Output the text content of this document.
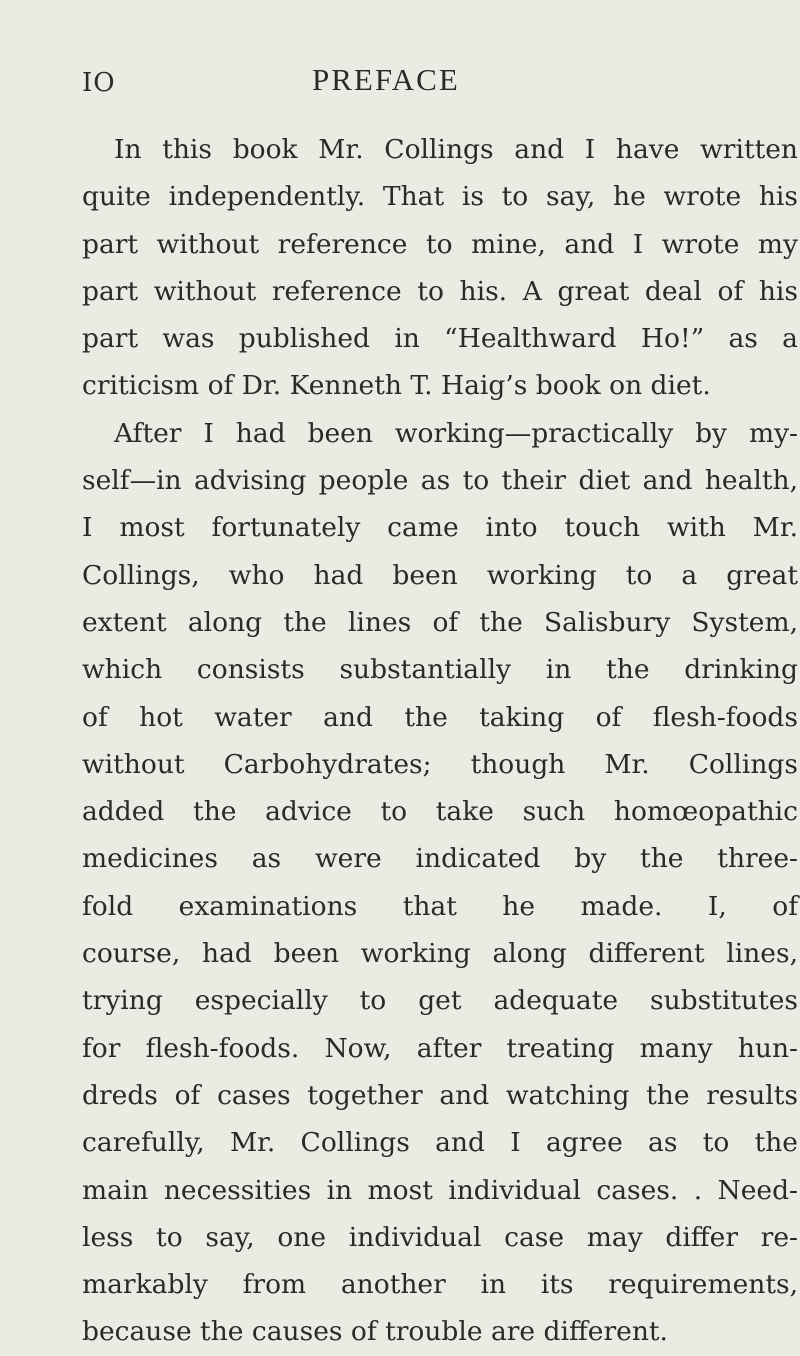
IO	PREFACE
In this book Mr. Collings and I have written
quite independently. That is to say, he wrote his
part without reference to mine, and I wrote my
part without reference to his. A great deal of his
part was published in “Healthward Ho!” as a
criticism of Dr. Kenneth T. Haig’s book on diet.
After I had been working—practically by my-
self—in advising people as to their diet and health,
I most fortunately came into touch with Mr.
Collings, who had been working to a great
extent along the lines of the Salisbury System,
which consists substantially in the drinking
of hot water and the taking of flesh-foods
without Carbohydrates; though Mr. Collings
added the advice to take such homœopathic
medicines as were indicated by the three-
fold examinations that he made. I, of
course, had been working along different lines,
trying especially to get adequate substitutes
for flesh-foods. Now, after treating many hun-
dreds of cases together and watching the results
carefully, Mr. Collings and I agree as to the
main necessities in most individual cases. . Need-
less to say, one individual case may differ re-
markably from another in its requirements,
because the causes of trouble are different.
